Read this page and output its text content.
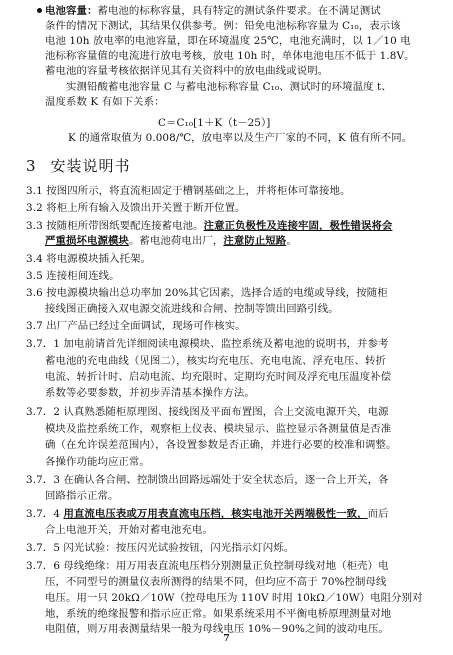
电池容量：蓄电池的标称容量，具有特定的测试条件要求。在不满足测试
条件的情况下测试，其结果仅供参考。例：铅免电池标称容量为 C₁₀，表示该
电池 10h 放电率的电池容量，即在环境温度 25℃，电池充满时，以 1／10 电
池标称容量值的电流进行放电考核，放电 10h 时，单体电池电压不低于 1.8V。
蓄电池的容量考核依据详见其有关资料中的放电曲线或说明。
实测铅酸蓄电池容量 C 与蓄电池标称容量 C₁₀、测试时的环境温度 t、
温度系数 K 有如下关系：
C＝C₁₀[1＋K（t－25）]
K 的通常取值为 0.008/℃，放电率以及生产厂家的不同，K 值有所不同。
3 安装说明书
3.1 按图四所示，将直流柜固定于槽钢基础之上，并将柜体可靠接地。
3.2 将柜上所有输入及馈出开关置于断开位置。
3.3 按随柜所带图纸要配连接蓄电池。注意正负极性及连接牢固，极性错误将会
严重损坏电源模块。蓄电池荷电出厂，注意防止短路。
3.4 将电源模块插入托架。
3.5 连接柜间连线。
3.6 按电源模块输出总功率加 20%其它因素，选择合适的电缆或导线，按随柜
接线图正确接入双电源交流进线和合闸、控制等馈出回路引线。
3.7 出厂产品已经过全面调试，现场可作核实。
3.7．1 加电前请首先详细阅读电源模块、监控系统及蓄电池的说明书，并参考
蓄电池的充电曲线（见图二），核实均充电压、充电电流、浮充电压、转折
电流、转折计时、启动电流、均充限时、定期均充时间及浮充电压温度补偿
系数等必要参数，并初步弄清基本操作方法。
3.7．2 认真熟悉随柜原理图、接线图及平面布置图，合上交流电源开关，电源
模块及监控系统工作，观察柜上仪表、模块显示、监控显示各测量值是否准
确（在允许误差范围内），各设置参数是否正确，并进行必要的校准和调整。
各操作功能均应正常。
3.7．3 在确认各合闸、控制馈出回路远端处于安全状态后，逐一合上开关，各
回路指示正常。
3.7．4 用直流电压表或万用表直流电压档，核实电池开关两端极性一致，而后
合上电池开关，开始对蓄电池充电。
3.7．5 闪光试验：按压闪光试验按钮，闪光指示灯闪烁。
3.7．6 母线绝缘：用万用表直流电压档分别测量正负控制母线对地（柜壳）电
压，不同型号的测量仪表所测得的结果不同，但均应不高于 70%控制母线
电压。用一只 20kΩ／10W（控母电压为 110V 时用 10kΩ／10W）电阻分别对
地，系统的绝缘报警和指示应正常。如果系统采用不平衡电桥原理测量对地
电阻值，则万用表测量结果一般为母线电压 10%－90%之间的波动电压。
7
